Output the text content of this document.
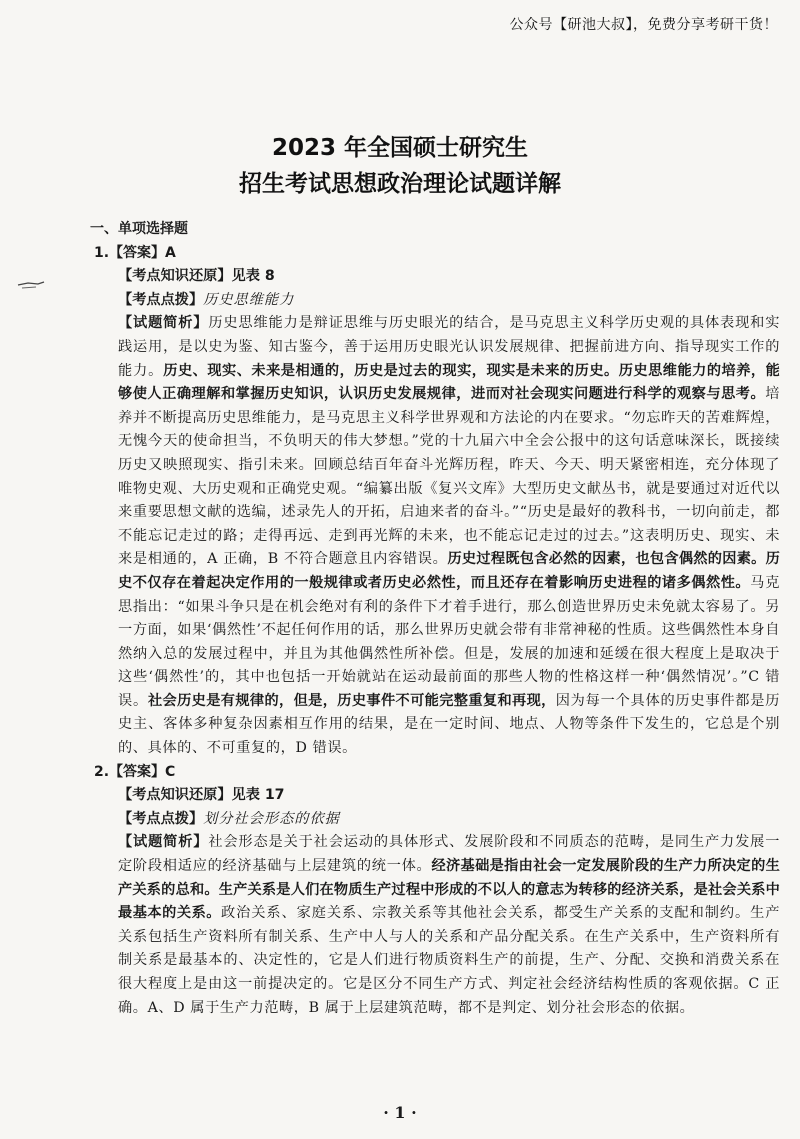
公众号【研池大叔】，免费分享考研干货！
2023 年全国硕士研究生
招生考试思想政治理论试题详解
一、单项选择题
1.【答案】A
【考点知识还原】见表 8
【考点点拨】历史思维能力
【试题简析】历史思维能力是辩证思维与历史眼光的结合，是马克思主义科学历史观的具体表现和实践运用，是以史为鉴、知古鉴今，善于运用历史眼光认识发展规律、把握前进方向、指导现实工作的能力。历史、现实、未来是相通的，历史是过去的现实，现实是未来的历史。历史思维能力的培养，能够使人正确理解和掌握历史知识，认识历史发展规律，进而对社会现实问题进行科学的观察与思考。培养并不断提高历史思维能力，是马克思主义科学世界观和方法论的内在要求。“勿忘昨天的苦难辉煌，无愧今天的使命担当，不负明天的伟大梦想。”党的十九届六中全会公报中的这句话意味深长，既接续历史又映照现实、指引未来。回顾总结百年奋斗光辉历程，昨天、今天、明天紧密相连，充分体现了唯物史观、大历史观和正确党史观。“编纂出版《复兴文库》大型历史文献丛书，就是要通过对近代以来重要思想文献的选编，述录先人的开拓，启迪来者的奋斗。”“历史是最好的教科书，一切向前走，都不能忘记走过的路；走得再远、走到再光辉的未来，也不能忘记走过的过去。”这表明历史、现实、未来是相通的，A 正确，B 不符合题意且内容错误。历史过程既包含必然的因素，也包含偶然的因素。历史不仅存在着起决定作用的一般规律或者历史必然性，而且还存在着影响历史进程的诸多偶然性。马克思指出：“如果斗争只是在机会绝对有利的条件下才着手进行，那么创造世界历史未免就太容易了。另一方面，如果‘偶然性’不起任何作用的话，那么世界历史就会带有非常神秘的性质。这些偶然性本身自然纳入总的发展过程中，并且为其他偶然性所补偿。但是，发展的加速和延缓在很大程度上是取决于这些‘偶然性’的，其中也包括一开始就站在运动最前面的那些人物的性格这样一种‘偶然情况’。”C 错误。社会历史是有规律的，但是，历史事件不可能完整重复和再现，因为每一个具体的历史事件都是历史主、客体多种复杂因素相互作用的结果，是在一定时间、地点、人物等条件下发生的，它总是个别的、具体的、不可重复的，D 错误。
2.【答案】C
【考点知识还原】见表 17
【考点点拨】划分社会形态的依据
【试题简析】社会形态是关于社会运动的具体形式、发展阶段和不同质态的范畴，是同生产力发展一定阶段相适应的经济基础与上层建筑的统一体。经济基础是指由社会一定发展阶段的生产力所决定的生产关系的总和。生产关系是人们在物质生产过程中形成的不以人的意志为转移的经济关系，是社会关系中最基本的关系。政治关系、家庭关系、宗教关系等其他社会关系，都受生产关系的支配和制约。生产关系包括生产资料所有制关系、生产中人与人的关系和产品分配关系。在生产关系中，生产资料所有制关系是最基本的、决定性的，它是人们进行物质资料生产的前提，生产、分配、交换和消费关系在很大程度上是由这一前提决定的。它是区分不同生产方式、判定社会经济结构性质的客观依据。C 正确。A、D 属于生产力范畴，B 属于上层建筑范畴，都不是判定、划分社会形态的依据。
· 1 ·
